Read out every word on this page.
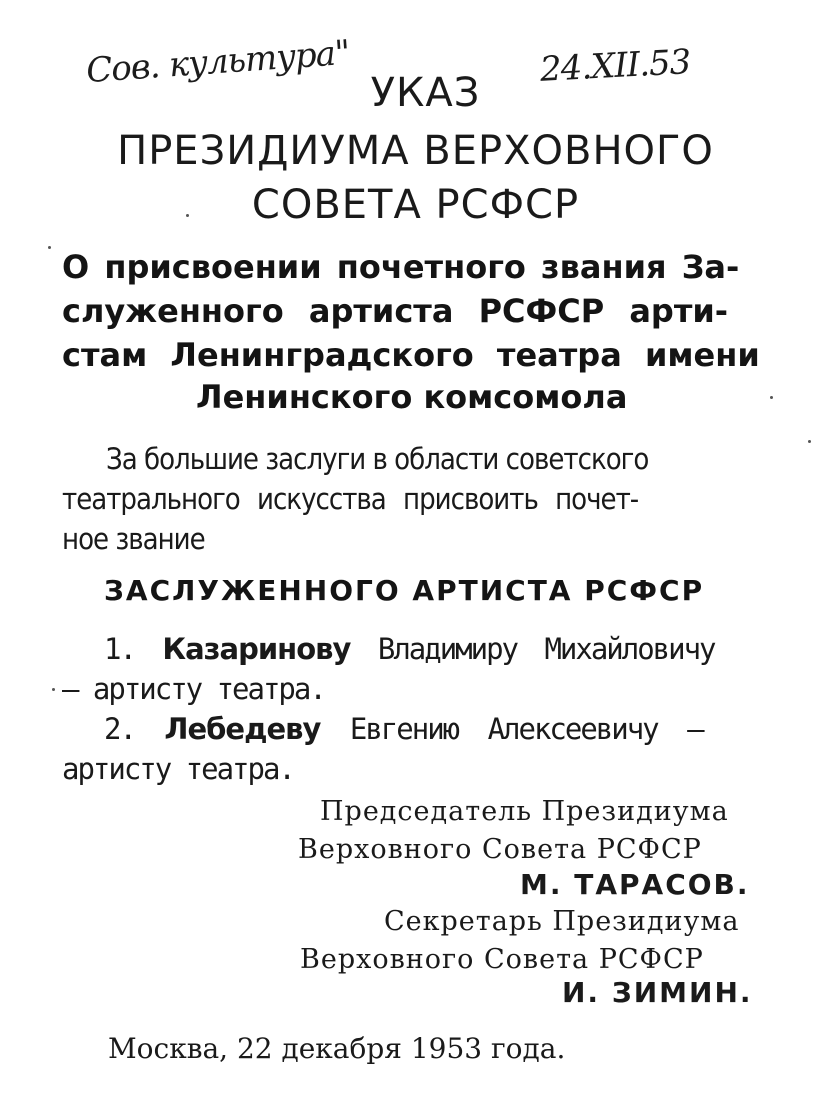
Сов. культура"	24.XII.53
УКАЗ
ПРЕЗИДИУМА ВЕРХОВНОГО
СОВЕТА РСФСР
О присвоении почетного звания За-
служенного артиста РСФСР арти-
стам Ленинградского театра имени
Ленинского комсомола
За большие заслуги в области советского
театрального искусства присвоить почет-
ное звание
ЗАСЛУЖЕННОГО АРТИСТА РСФСР
1. Казаринову Владимиру Михайловичу
— артисту театра.
2. Лебедеву Евгению Алексеевичу —
артисту театра.
Председатель Президиума
Верховного Совета РСФСР
М. ТАРАСОВ.
Секретарь Президиума
Верховного Совета РСФСР
И. ЗИМИН.
Москва, 22 декабря 1953 года.
